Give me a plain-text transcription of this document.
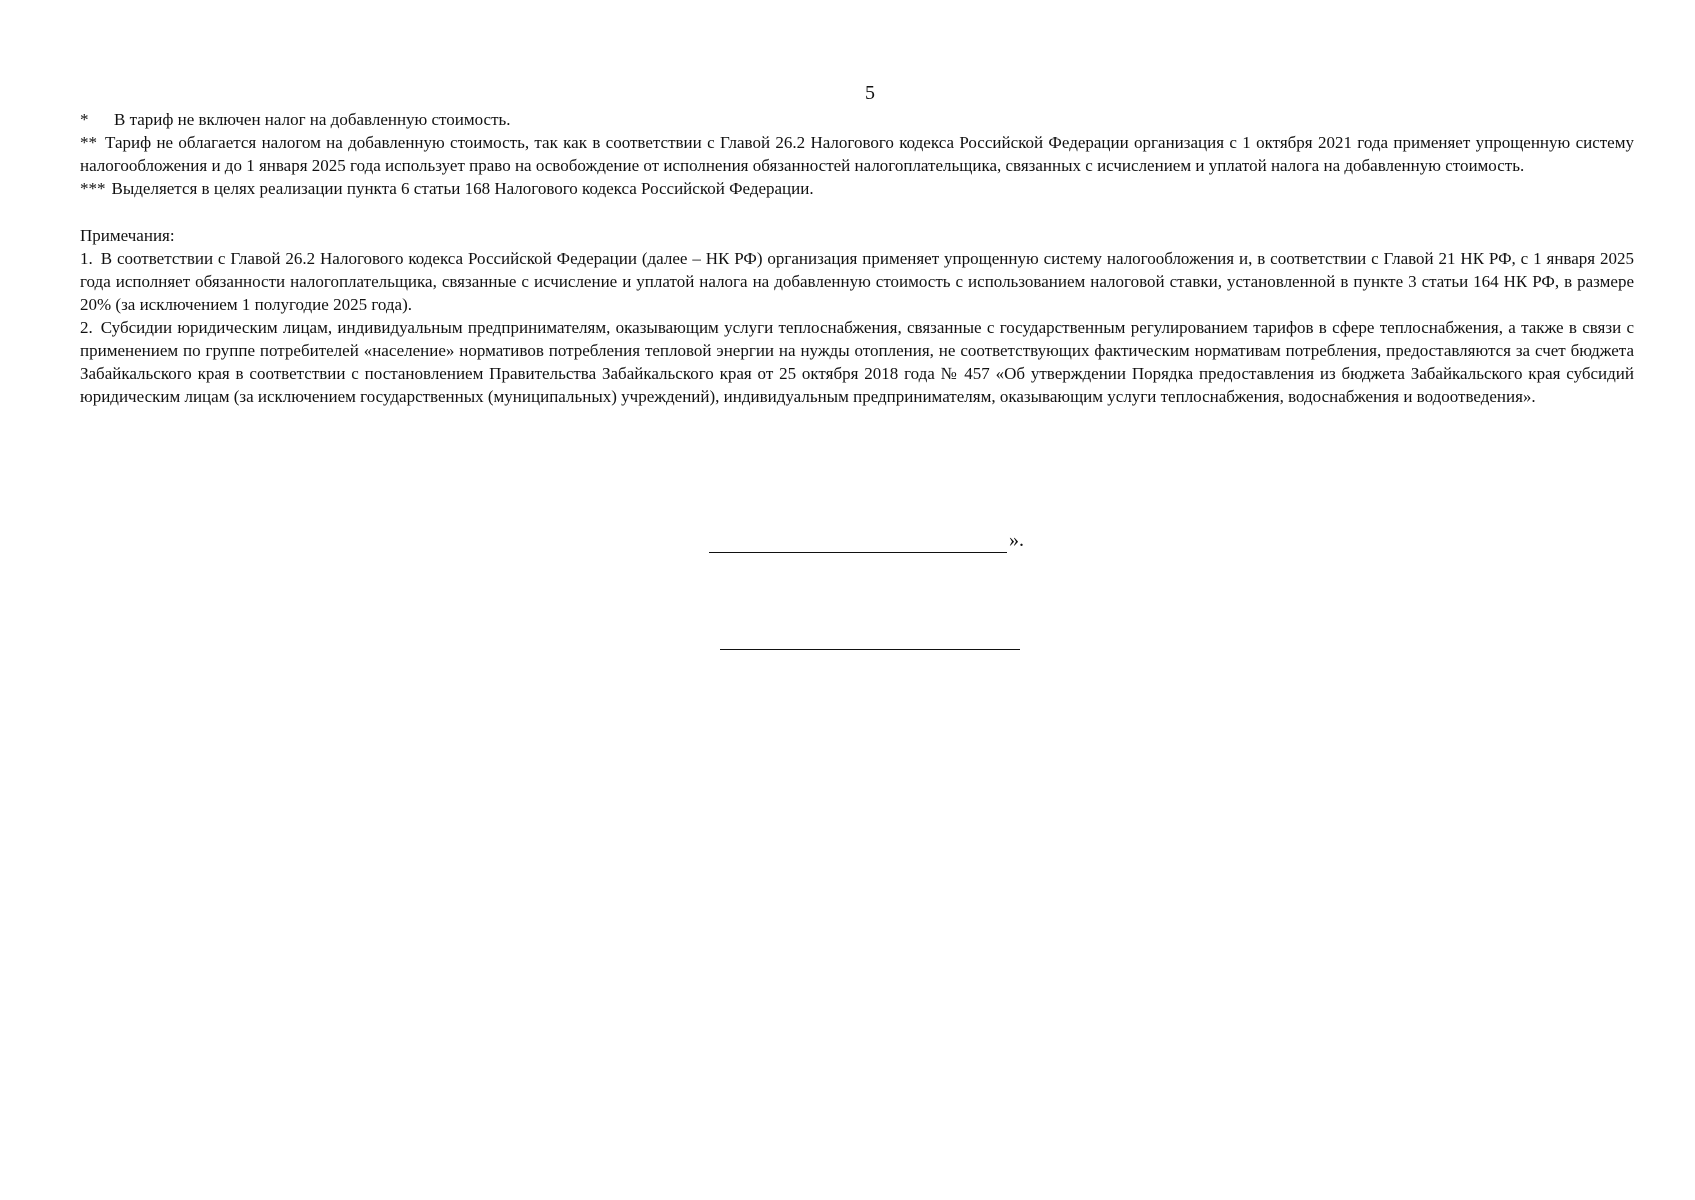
5

* В тариф не включен налог на добавленную стоимость.

** Тариф не облагается налогом на добавленную стоимость, так как в соответствии с Главой 26.2 Налогового кодекса Российской Федерации организация с 1 октября 2021 года применяет упрощенную систему налогообложения и до 1 января 2025 года использует право на освобождение от исполнения обязанностей налогоплательщика, связанных с исчислением и уплатой налога на добавленную стоимость.

*** Выделяется в целях реализации пункта 6 статьи 168 Налогового кодекса Российской Федерации.

Примечания:

1. В соответствии с Главой 26.2 Налогового кодекса Российской Федерации (далее – НК РФ) организация применяет упрощенную систему налогообложения и, в соответствии с Главой 21 НК РФ, с 1 января 2025 года исполняет обязанности налогоплательщика, связанные с исчисление и уплатой налога на добавленную стоимость с использованием налоговой ставки, установленной в пункте 3 статьи 164 НК РФ, в размере 20% (за исключением 1 полугодие 2025 года).

2. Субсидии юридическим лицам, индивидуальным предпринимателям, оказывающим услуги теплоснабжения, связанные с государственным регулированием тарифов в сфере теплоснабжения, а также в связи с применением по группе потребителей «население» нормативов потребления тепловой энергии на нужды отопления, не соответствующих фактическим нормативам потребления, предоставляются за счет бюджета Забайкальского края в соответствии с постановлением Правительства Забайкальского края от 25 октября 2018 года № 457 «Об утверждении Порядка предоставления из бюджета Забайкальского края субсидий юридическим лицам (за исключением государственных (муниципальных) учреждений), индивидуальным предпринимателям, оказывающим услуги теплоснабжения, водоснабжения и водоотведения».

».
